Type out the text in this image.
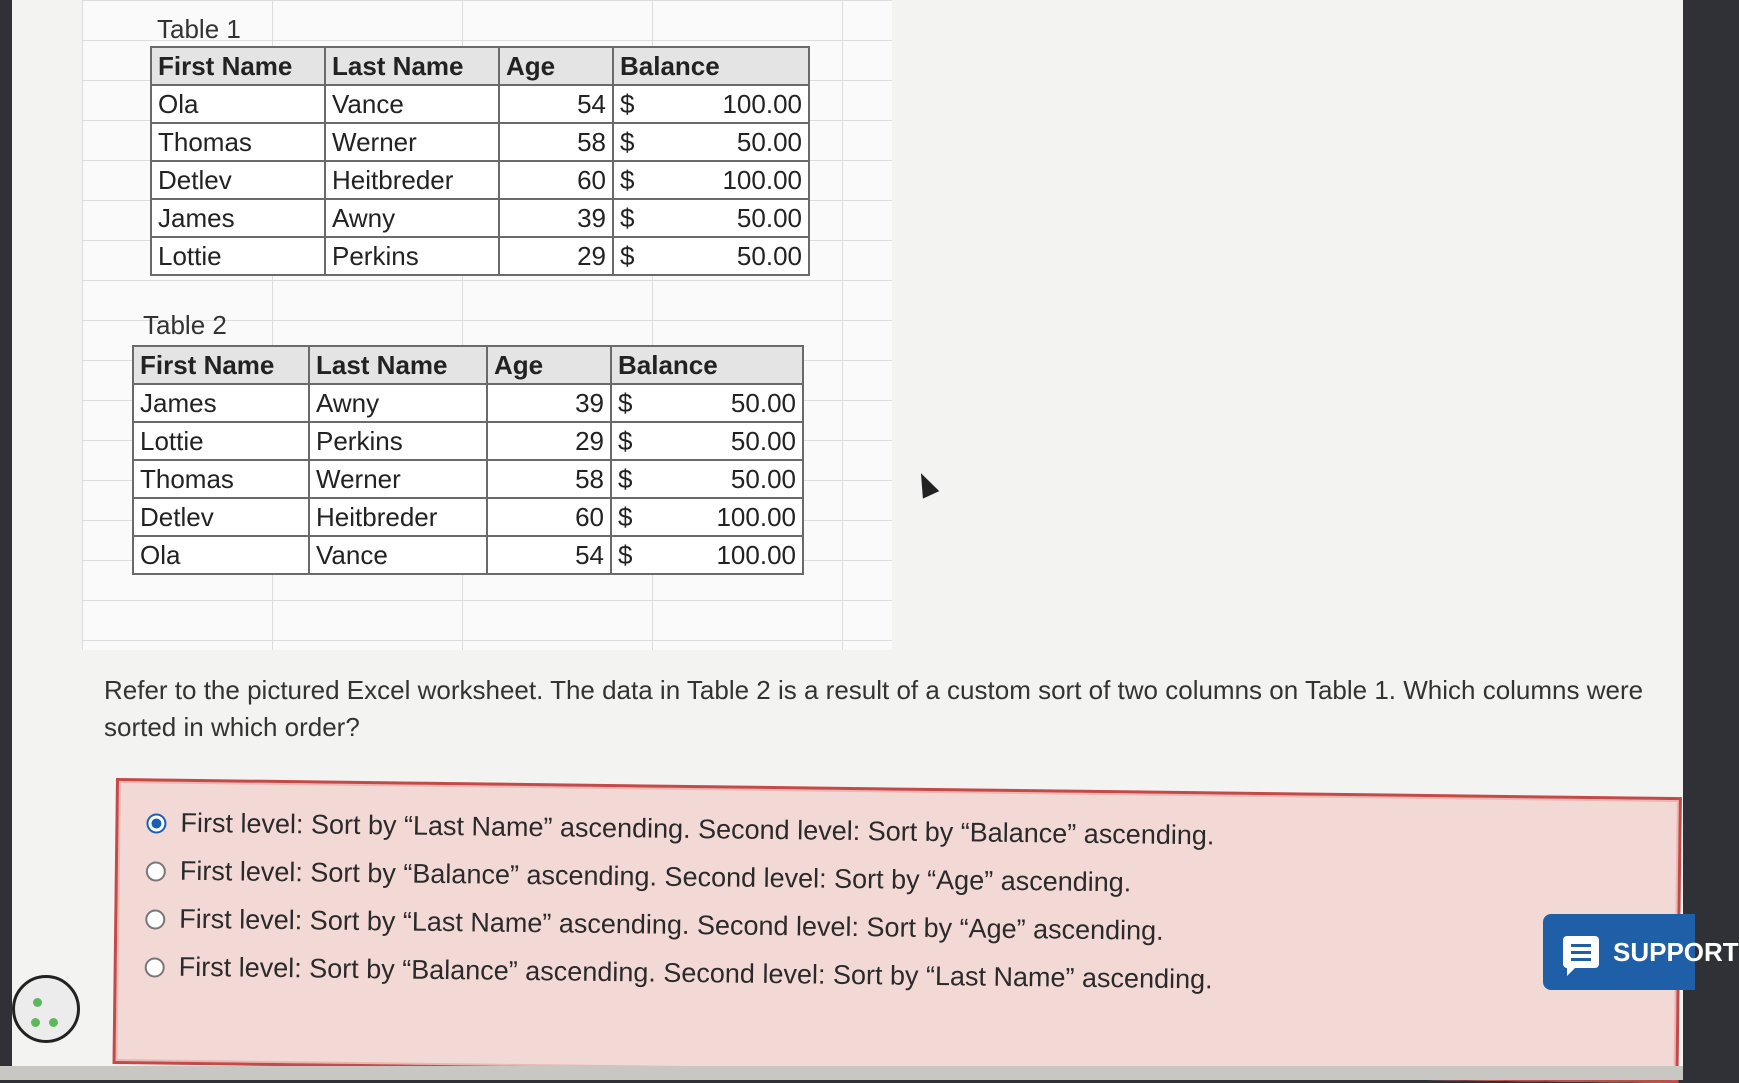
Table 1
First Name	Last Name	Age	Balance	
Ola	Vance	54	$	100.00
Thomas	Werner	58	$	50.00
Detlev	Heitbreder	60	$	100.00
James	Awny	39	$	50.00
Lottie	Perkins	29	$	50.00
Table 2
First Name	Last Name	Age	Balance	
James	Awny	39	$	50.00
Lottie	Perkins	29	$	50.00
Thomas	Werner	58	$	50.00
Detlev	Heitbreder	60	$	100.00
Ola	Vance	54	$	100.00
Refer to the pictured Excel worksheet. The data in Table 2 is a result of a custom sort of two columns on Table 1. Which columns were sorted in which order?
First level: Sort by “Last Name” ascending. Second level: Sort by “Balance” ascending.
First level: Sort by “Balance” ascending. Second level: Sort by “Age” ascending.
First level: Sort by “Last Name” ascending. Second level: Sort by “Age” ascending.
First level: Sort by “Balance” ascending. Second level: Sort by “Last Name” ascending.
SUPPORT
